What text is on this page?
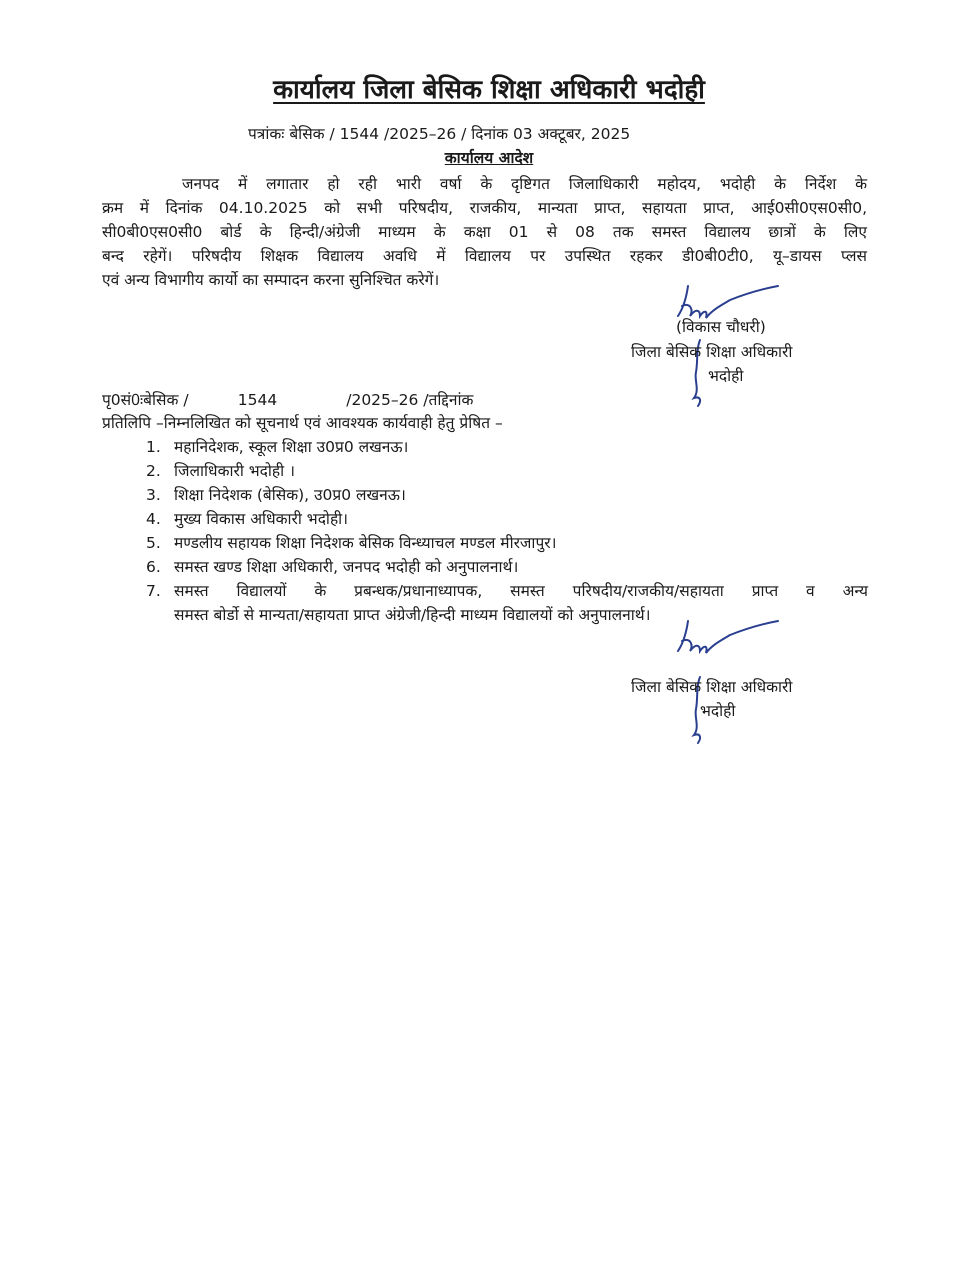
कार्यालय जिला बेसिक शिक्षा अधिकारी भदोही
पत्रांकः बेसिक / 1544 /2025–26 / दिनांक 03 अक्टूबर, 2025
कार्यालय आदेश
जनपद में लगातार हो रही भारी वर्षा के दृष्टिगत जिलाधिकारी महोदय, भदोही के निर्देश के
क्रम में दिनांक 04.10.2025 को सभी परिषदीय, राजकीय, मान्यता प्राप्त, सहायता प्राप्त, आई0सी0एस0सी0,
सी0बी0एस0सी0 बोर्ड के हिन्दी/अंग्रेजी माध्यम के कक्षा 01 से 08 तक समस्त विद्यालय छात्रों के लिए
बन्द रहेगें। परिषदीय शिक्षक विद्यालय अवधि में विद्यालय पर उपस्थित रहकर डी0बी0टी0, यू–डायस प्लस
एवं अन्य विभागीय कार्यो का सम्पादन करना सुनिश्चित करेगें।
(विकास चौधरी)
जिला बेसिक शिक्षा अधिकारी
भदोही
पृ0सं0ःबेसिक /          1544              /2025–26 /तद्दिनांक
प्रतिलिपि –निम्नलिखित को सूचनार्थ एवं आवश्यक कार्यवाही हेतु प्रेषित –
1. महानिदेशक, स्कूल शिक्षा उ0प्र0 लखनऊ।
2. जिलाधिकारी भदोही ।
3. शिक्षा निदेशक (बेसिक), उ0प्र0 लखनऊ।
4. मुख्य विकास अधिकारी भदोही।
5. मण्डलीय सहायक शिक्षा निदेशक बेसिक विन्ध्याचल मण्डल मीरजापुर।
6. समस्त खण्ड शिक्षा अधिकारी, जनपद भदोही को अनुपालनार्थ।
7. समस्त विद्यालयों के प्रबन्धक/प्रधानाध्यापक, समस्त परिषदीय/राजकीय/सहायता प्राप्त व अन्य
समस्त बोर्डो से मान्यता/सहायता प्राप्त अंग्रेजी/हिन्दी माध्यम विद्यालयों को अनुपालनार्थ।
जिला बेसिक शिक्षा अधिकारी
भदोही
